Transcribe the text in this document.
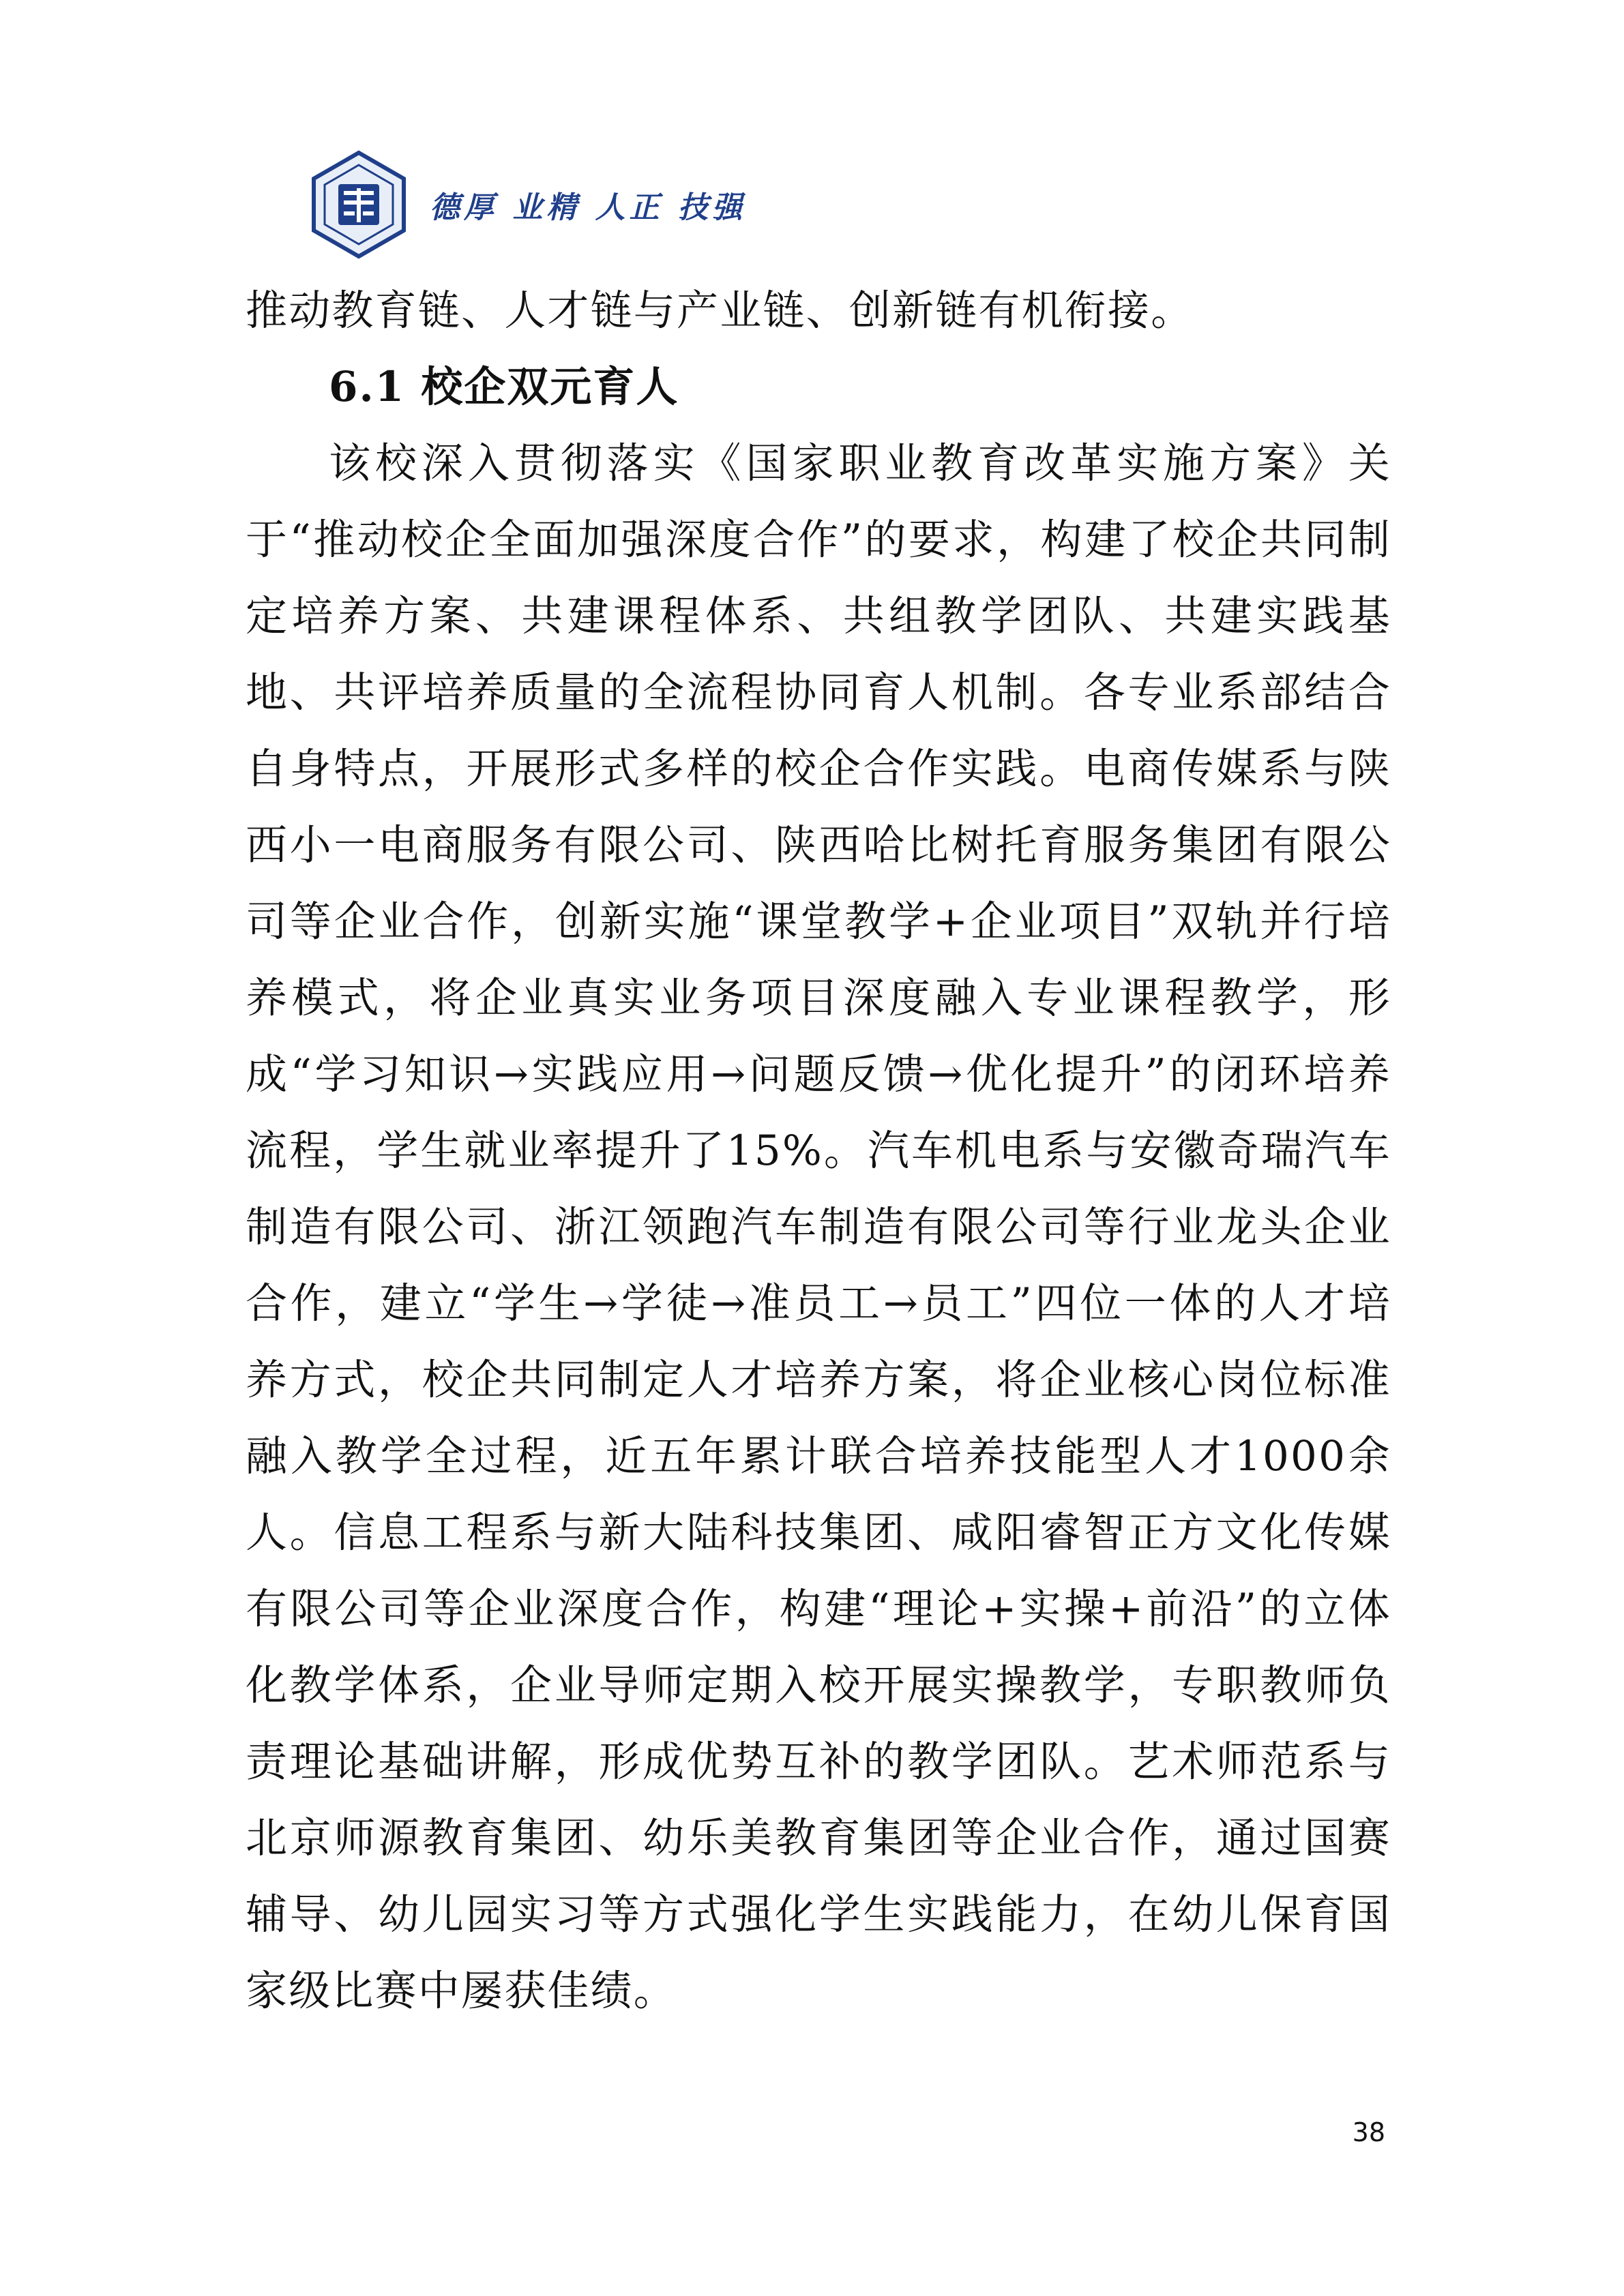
德厚 业精 人正 技强

推动教育链、人才链与产业链、创新链有机衔接。

6.1 校企双元育人

该校深入贯彻落实《国家职业教育改革实施方案》关于“推动校企全面加强深度合作”的要求，构建了校企共同制定培养方案、共建课程体系、共组教学团队、共建实践基地、共评培养质量的全流程协同育人机制。各专业系部结合自身特点，开展形式多样的校企合作实践。电商传媒系与陕西小一电商服务有限公司、陕西哈比树托育服务集团有限公司等企业合作，创新实施“课堂教学+企业项目”双轨并行培养模式，将企业真实业务项目深度融入专业课程教学，形成“学习知识→实践应用→问题反馈→优化提升”的闭环培养流程，学生就业率提升了15%。汽车机电系与安徽奇瑞汽车制造有限公司、浙江领跑汽车制造有限公司等行业龙头企业合作，建立“学生→学徒→准员工→员工”四位一体的人才培养方式，校企共同制定人才培养方案，将企业核心岗位标准融入教学全过程，近五年累计联合培养技能型人才1000余人。信息工程系与新大陆科技集团、咸阳睿智正方文化传媒有限公司等企业深度合作，构建“理论+实操+前沿”的立体化教学体系，企业导师定期入校开展实操教学，专职教师负责理论基础讲解，形成优势互补的教学团队。艺术师范系与北京师源教育集团、幼乐美教育集团等企业合作，通过国赛辅导、幼儿园实习等方式强化学生实践能力，在幼儿保育国家级比赛中屡获佳绩。

38
